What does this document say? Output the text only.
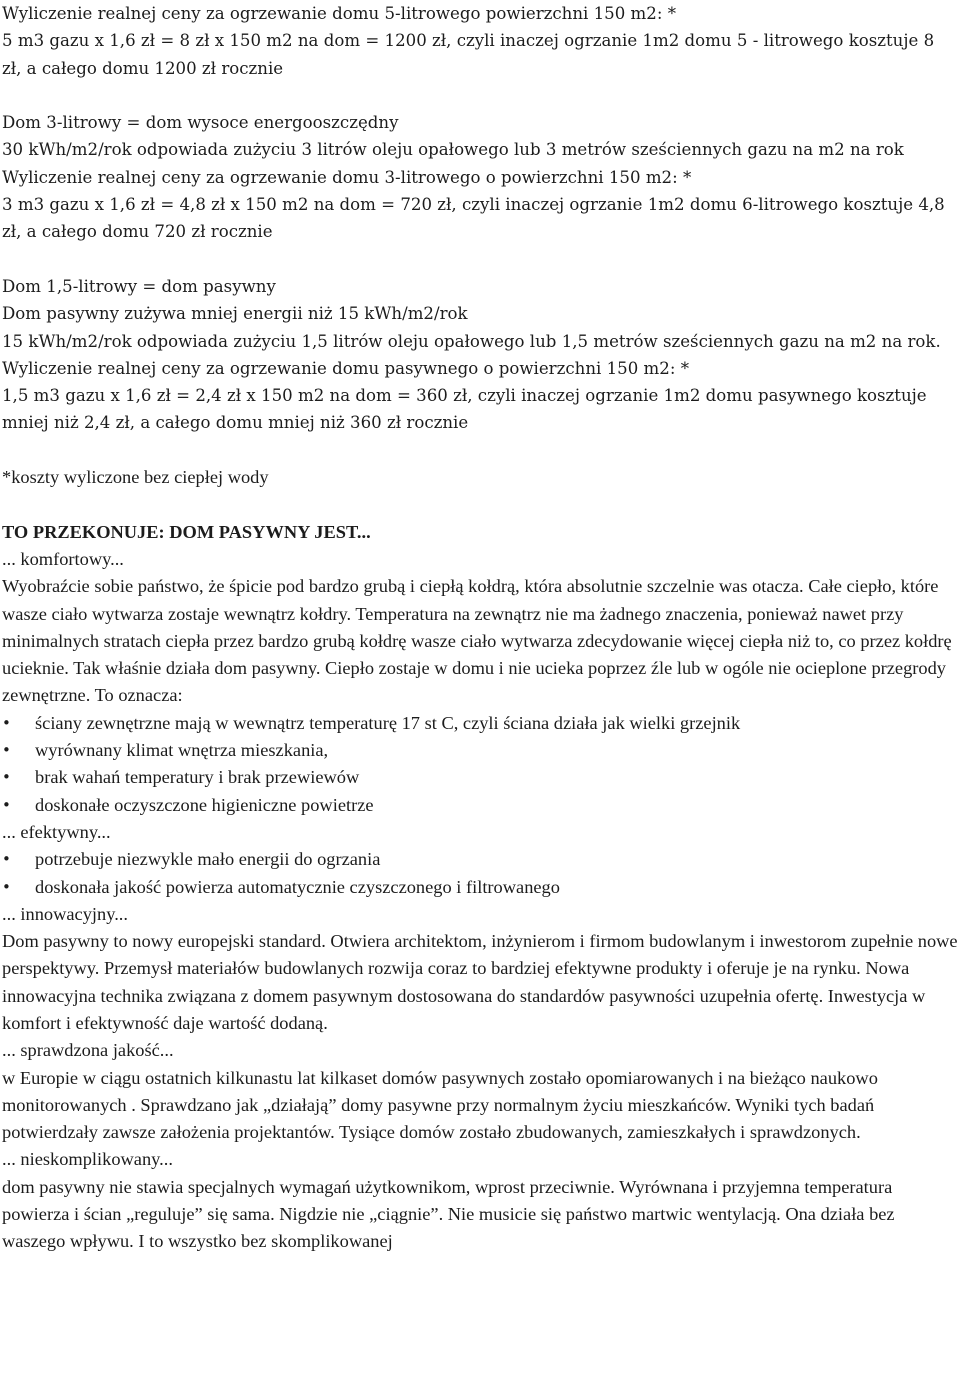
Wyliczenie realnej ceny za ogrzewanie domu 5-litrowego powierzchni 150 m2: *

5 m3 gazu x 1,6 zł = 8 zł x 150 m2 na dom = 1200 zł, czyli inaczej ogrzanie 1m2 domu 5 - litrowego kosztuje 8 zł, a całego domu 1200 zł rocznie

Dom 3-litrowy = dom wysoce energooszczędny

30 kWh/m2/rok odpowiada zużyciu 3 litrów oleju opałowego lub 3 metrów sześciennych gazu na m2 na rok

Wyliczenie realnej ceny za ogrzewanie domu 3-litrowego o powierzchni 150 m2: *

3 m3 gazu x 1,6 zł = 4,8 zł x 150 m2 na dom = 720 zł, czyli inaczej ogrzanie 1m2 domu 6-litrowego kosztuje 4,8 zł, a całego domu 720 zł rocznie

Dom 1,5-litrowy = dom pasywny

Dom pasywny zużywa mniej energii niż 15 kWh/m2/rok

15 kWh/m2/rok odpowiada zużyciu 1,5 litrów oleju opałowego lub 1,5 metrów sześciennych gazu na m2 na rok.

Wyliczenie realnej ceny za ogrzewanie domu pasywnego o powierzchni 150 m2: *

1,5 m3 gazu x 1,6 zł = 2,4 zł x 150 m2 na dom = 360 zł, czyli inaczej ogrzanie 1m2 domu pasywnego kosztuje mniej niż 2,4 zł, a całego domu mniej niż 360 zł rocznie

*koszty wyliczone bez ciepłej wody

TO PRZEKONUJE: DOM PASYWNY JEST...

... komfortowy...

Wyobraźcie sobie państwo, że śpicie pod bardzo grubą i ciepłą kołdrą, która absolutnie szczelnie was otacza. Całe ciepło, które wasze ciało wytwarza zostaje wewnątrz kołdry. Temperatura na zewnątrz nie ma żadnego znaczenia, ponieważ nawet przy minimalnych stratach ciepła przez bardzo grubą kołdrę wasze ciało wytwarza zdecydowanie więcej ciepła niż to, co przez kołdrę ucieknie. Tak właśnie działa dom pasywny. Ciepło zostaje w domu i nie ucieka poprzez źle lub w ogóle nie ocieplone przegrody zewnętrzne. To oznacza:

• ściany zewnętrzne mają w wewnątrz temperaturę 17 st C, czyli ściana działa jak wielki grzejnik
• wyrównany klimat wnętrza mieszkania,
• brak wahań temperatury i brak przewiewów
• doskonałe oczyszczone higieniczne powietrze

... efektywny...

• potrzebuje niezwykle mało energii do ogrzania
• doskonała jakość powierza automatycznie czyszczonego i filtrowanego

... innowacyjny...

Dom pasywny to nowy europejski standard. Otwiera architektom, inżynierom i firmom budowlanym i inwestorom zupełnie nowe perspektywy. Przemysł materiałów budowlanych rozwija coraz to bardziej efektywne produkty i oferuje je na rynku. Nowa innowacyjna technika związana z domem pasywnym dostosowana do standardów pasywności uzupełnia ofertę. Inwestycja w komfort i efektywność daje wartość dodaną.

... sprawdzona jakość...

w Europie w ciągu ostatnich kilkunastu lat kilkaset domów pasywnych zostało opomiarowanych i na bieżąco naukowo monitorowanych . Sprawdzano jak „działają” domy pasywne przy normalnym życiu mieszkańców. Wyniki tych badań potwierdzały zawsze założenia projektantów. Tysiące domów zostało zbudowanych, zamieszkałych i sprawdzonych.

... nieskomplikowany...

dom pasywny nie stawia specjalnych wymagań użytkownikom, wprost przeciwnie. Wyrównana i przyjemna temperatura powierza i ścian „reguluje” się sama. Nigdzie nie „ciągnie”. Nie musicie się państwo martwic wentylacją. Ona działa bez waszego wpływu. I to wszystko bez skomplikowanej
